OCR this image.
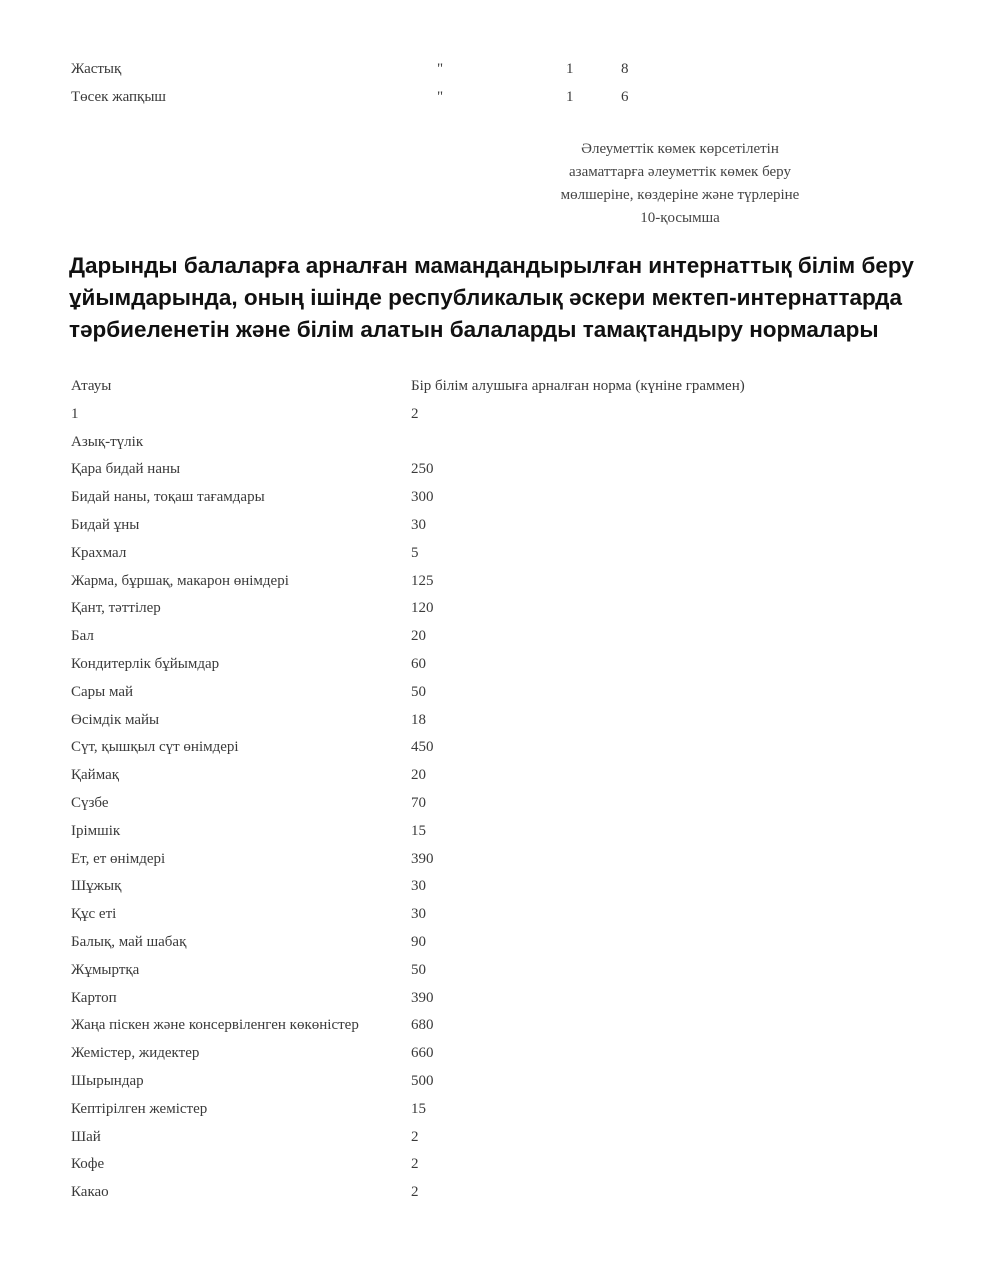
Жастық	"	1	8
Төсек жапқыш	"	1	6
Әлеуметтік көмек көрсетілетін
азаматтарға әлеуметтік көмек беру
мөлшеріне, көздеріне және түрлеріне
10-қосымша
Дарынды балаларға арналған мамандандырылған интернаттық білім беру
ұйымдарында, оның ішінде республикалық әскери мектеп-интернаттарда
тәрбиеленетін және білім алатын балаларды тамақтандыру нормалары
Атауы	Бір білім алушыға арналған норма (күніне граммен)
1	2
Азық-түлік
Қара бидай наны	250
Бидай наны, тоқаш тағамдары	300
Бидай ұны	30
Крахмал	5
Жарма, бұршақ, макарон өнімдері	125
Қант, тәттілер	120
Бал	20
Кондитерлік бұйымдар	60
Сары май	50
Өсімдік майы	18
Сүт, қышқыл сүт өнімдері	450
Қаймақ	20
Сүзбе	70
Ірімшік	15
Ет, ет өнімдері	390
Шұжық	30
Құс еті	30
Балық, май шабақ	90
Жұмыртқа	50
Картоп	390
Жаңа піскен және консервіленген көкөністер	680
Жемістер, жидектер	660
Шырындар	500
Кептірілген жемістер	15
Шай	2
Кофе	2
Какао	2
